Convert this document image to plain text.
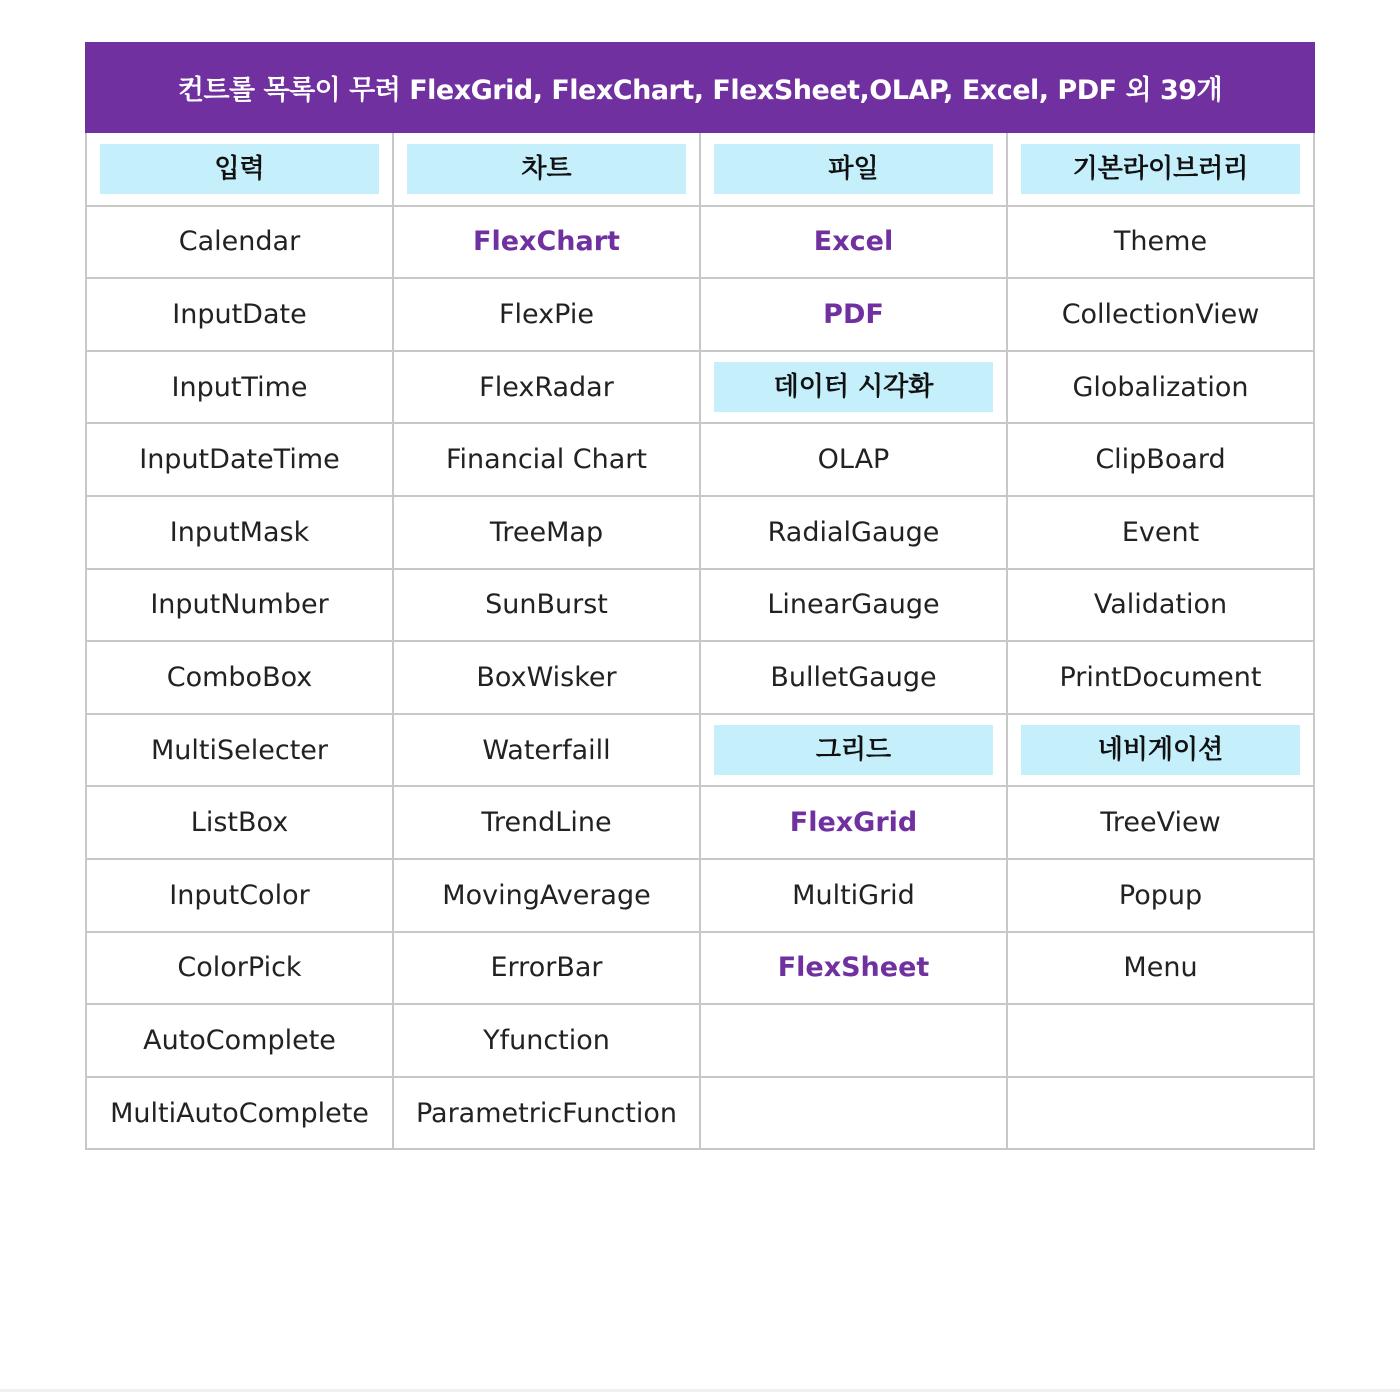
컨트롤 목록이 무려 FlexGrid, FlexChart, FlexSheet,OLAP, Excel, PDF 외 39개
입력	차트	파일	기본라이브러리

Calendar	FlexChart	Excel	Theme
InputDate	FlexPie	PDF	CollectionView
InputTime	FlexRadar	데이터 시각화	Globalization
InputDateTime	Financial Chart	OLAP	ClipBoard
InputMask	TreeMap	RadialGauge	Event
InputNumber	SunBurst	LinearGauge	Validation
ComboBox	BoxWisker	BulletGauge	PrintDocument
MultiSelecter	Waterfaill	그리드	네비게이션

ListBox	TrendLine	FlexGrid	TreeView
InputColor	MovingAverage	MultiGrid	Popup
ColorPick	ErrorBar	FlexSheet	Menu
AutoComplete	Yfunction		
MultiAutoComplete	ParametricFunction		
